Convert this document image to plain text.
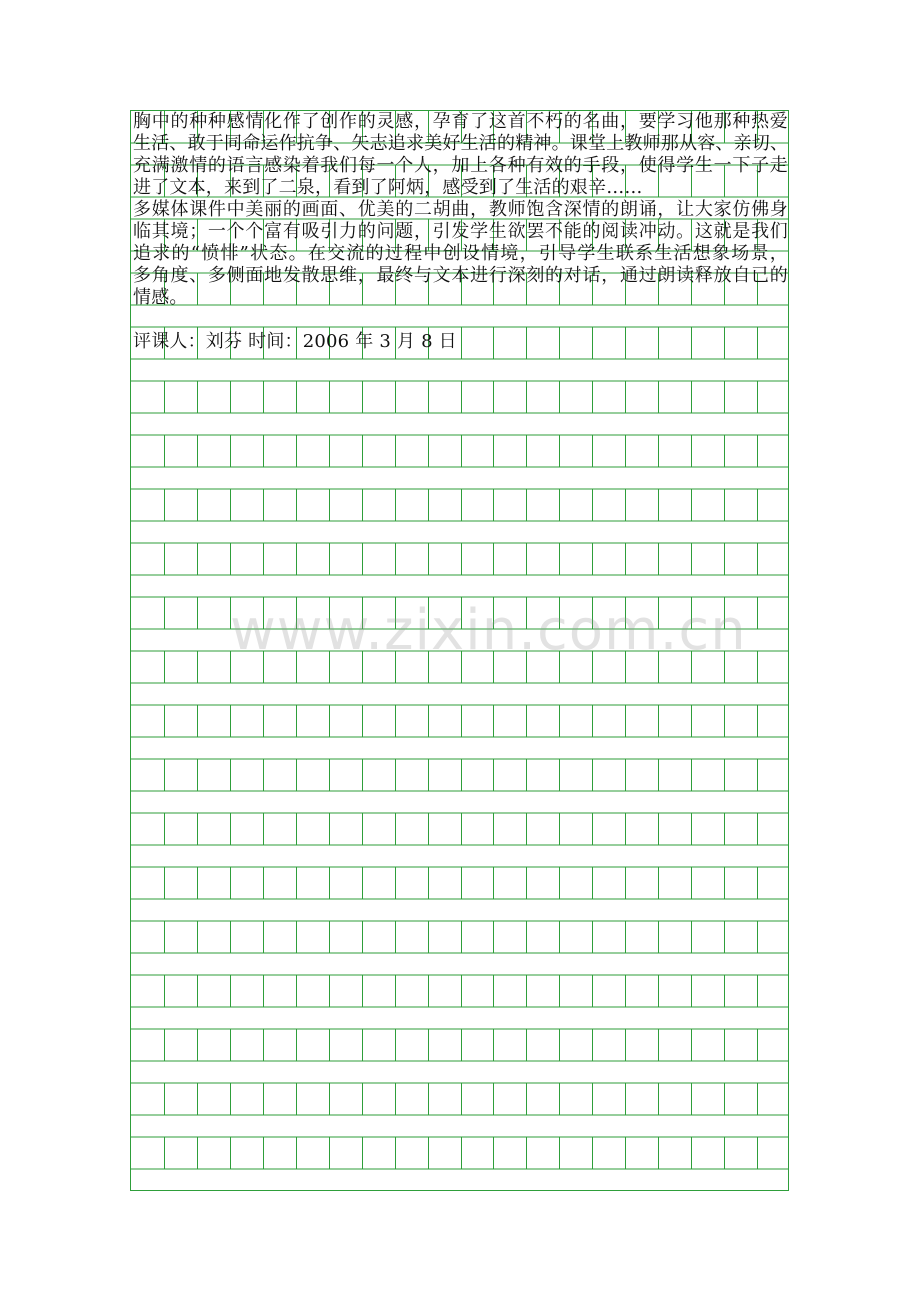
胸中的种种感情化作了创作的灵感，孕育了这首不朽的名曲，要学习他那种热爱
生活、敢于同命运作抗争、矢志追求美好生活的精神。课堂上教师那从容、亲切、
充满激情的语言感染着我们每一个人，加上各种有效的手段，使得学生一下子走
进了文本，来到了二泉，看到了阿炳，感受到了生活的艰辛……
多媒体课件中美丽的画面、优美的二胡曲，教师饱含深情的朗诵，让大家仿佛身
临其境；一个个富有吸引力的问题，引发学生欲罢不能的阅读冲动。这就是我们
追求的“愤悱”状态。在交流的过程中创设情境，引导学生联系生活想象场景，
多角度、多侧面地发散思维，最终与文本进行深刻的对话，通过朗读释放自已的
情感。
评课人：刘芬 时间：2006 年 3 月 8 日
www.zixin.com.cn
